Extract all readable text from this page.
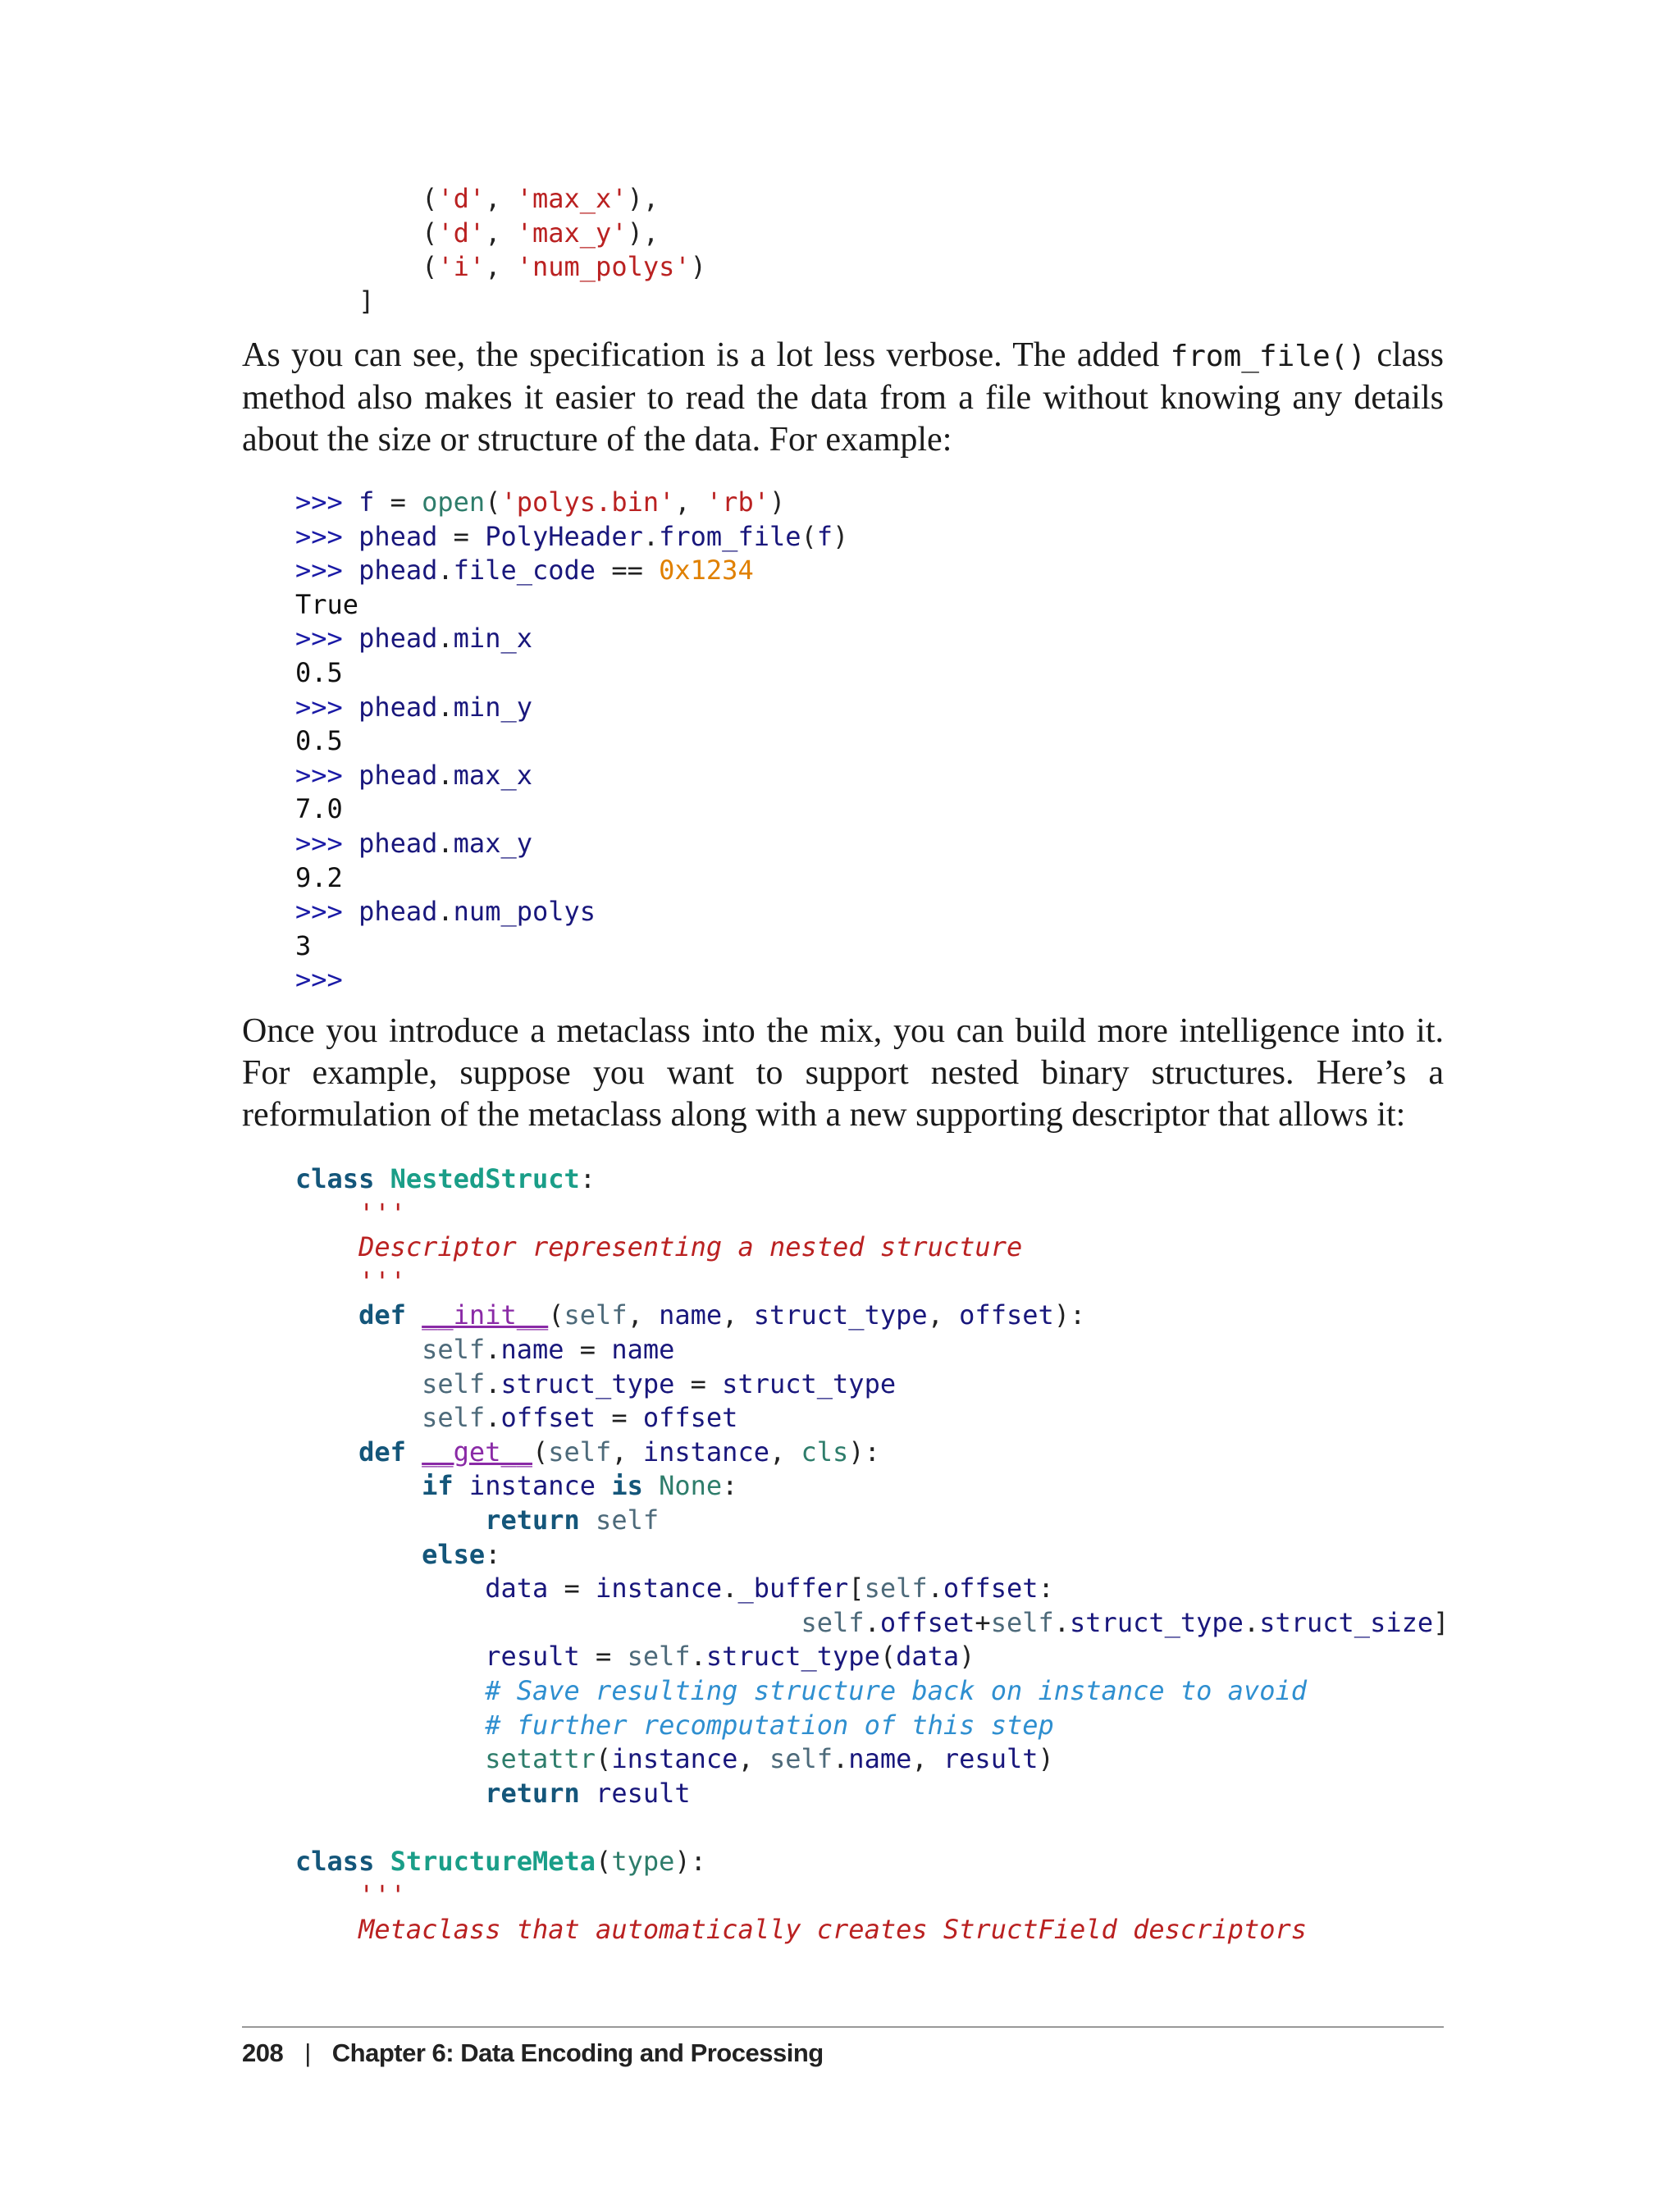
('d', 'max_x'),
('d', 'max_y'),
('i', 'num_polys')
]

As you can see, the specification is a lot less verbose. The added from_file() class method also makes it easier to read the data from a file without knowing any details about the size or structure of the data. For example:

>>> f = open('polys.bin', 'rb')
>>> phead = PolyHeader.from_file(f)
>>> phead.file_code == 0x1234
True
>>> phead.min_x
0.5
>>> phead.min_y
0.5
>>> phead.max_x
7.0
>>> phead.max_y
9.2
>>> phead.num_polys
3
>>>

Once you introduce a metaclass into the mix, you can build more intelligence into it. For example, suppose you want to support nested binary structures. Here’s a reformulation of the metaclass along with a new supporting descriptor that allows it:

class NestedStruct:
'''
Descriptor representing a nested structure
'''
def __init__(self, name, struct_type, offset):
self.name = name
self.struct_type = struct_type
self.offset = offset
def __get__(self, instance, cls):
if instance is None:
return self
else:
data = instance._buffer[self.offset:
self.offset+self.struct_type.struct_size]
result = self.struct_type(data)
# Save resulting structure back on instance to avoid
# further recomputation of this step
setattr(instance, self.name, result)
return result
class StructureMeta(type):
'''
Metaclass that automatically creates StructField descriptors
208 | Chapter 6: Data Encoding and Processing
